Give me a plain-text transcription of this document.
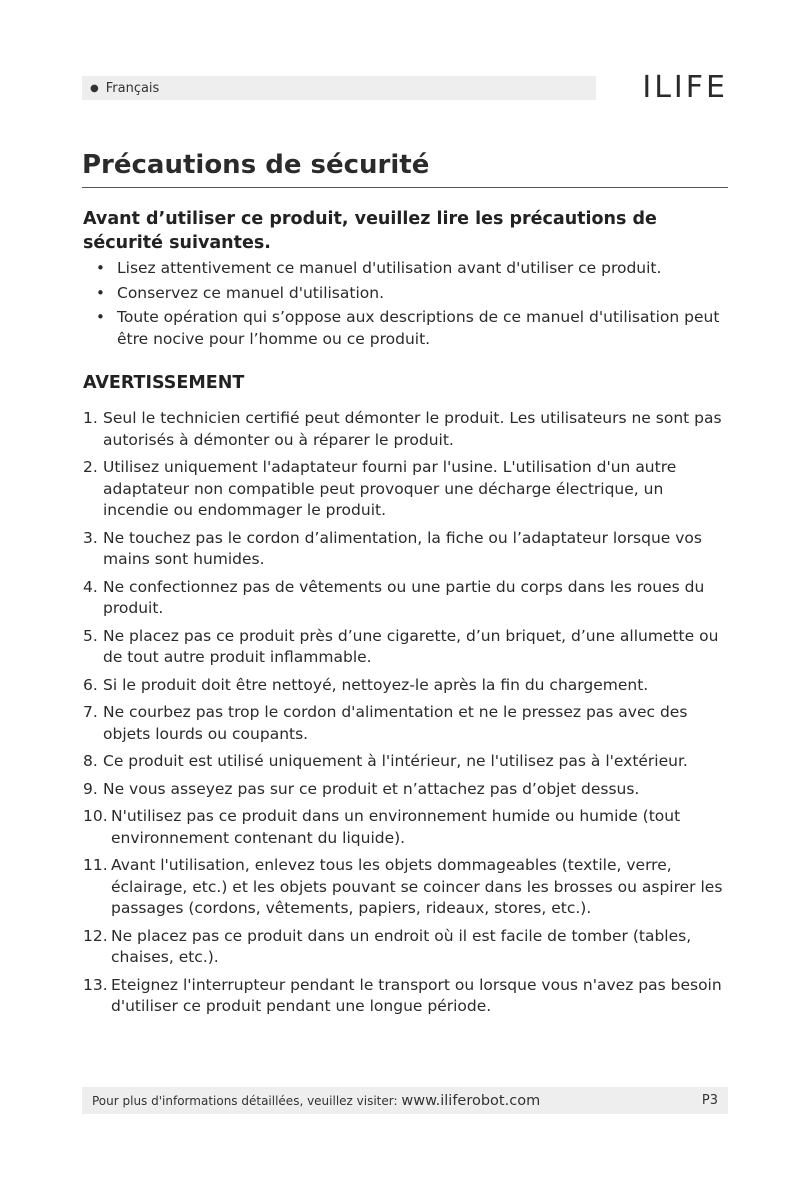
● Français	ILIFE
Précautions de sécurité

Avant d’utiliser ce produit, veuillez lire les précautions de sécurité suivantes.

• Lisez attentivement ce manuel d'utilisation avant d'utiliser ce produit.
• Conservez ce manuel d'utilisation.
• Toute opération qui s’oppose aux descriptions de ce manuel d'utilisation peut être nocive pour l’homme ou ce produit.
AVERTISSEMENT
1. Seul le technicien certifié peut démonter le produit. Les utilisateurs ne sont pas autorisés à démonter ou à réparer le produit.
2. Utilisez uniquement l'adaptateur fourni par l'usine. L'utilisation d'un autre adaptateur non compatible peut provoquer une décharge électrique, un incendie ou endommager le produit.
3. Ne touchez pas le cordon d’alimentation, la fiche ou l’adaptateur lorsque vos mains sont humides.
4. Ne confectionnez pas de vêtements ou une partie du corps dans les roues du produit.
5. Ne placez pas ce produit près d’une cigarette, d’un briquet, d’une allumette ou de tout autre produit inflammable.
6. Si le produit doit être nettoyé, nettoyez-le après la fin du chargement.
7. Ne courbez pas trop le cordon d'alimentation et ne le pressez pas avec des objets lourds ou coupants.
8. Ce produit est utilisé uniquement à l'intérieur, ne l'utilisez pas à l'extérieur.
9. Ne vous asseyez pas sur ce produit et n’attachez pas d’objet dessus.
10. N'utilisez pas ce produit dans un environnement humide ou humide (tout environnement contenant du liquide).
11. Avant l'utilisation, enlevez tous les objets dommageables (textile, verre, éclairage, etc.) et les objets pouvant se coincer dans les brosses ou aspirer les passages (cordons, vêtements, papiers, rideaux, stores, etc.).
12. Ne placez pas ce produit dans un endroit où il est facile de tomber (tables, chaises, etc.).
13. Eteignez l'interrupteur pendant le transport ou lorsque vous n'avez pas besoin d'utiliser ce produit pendant une longue période.
Pour plus d'informations détaillées, veuillez visiter: www.iliferobot.com	P3
